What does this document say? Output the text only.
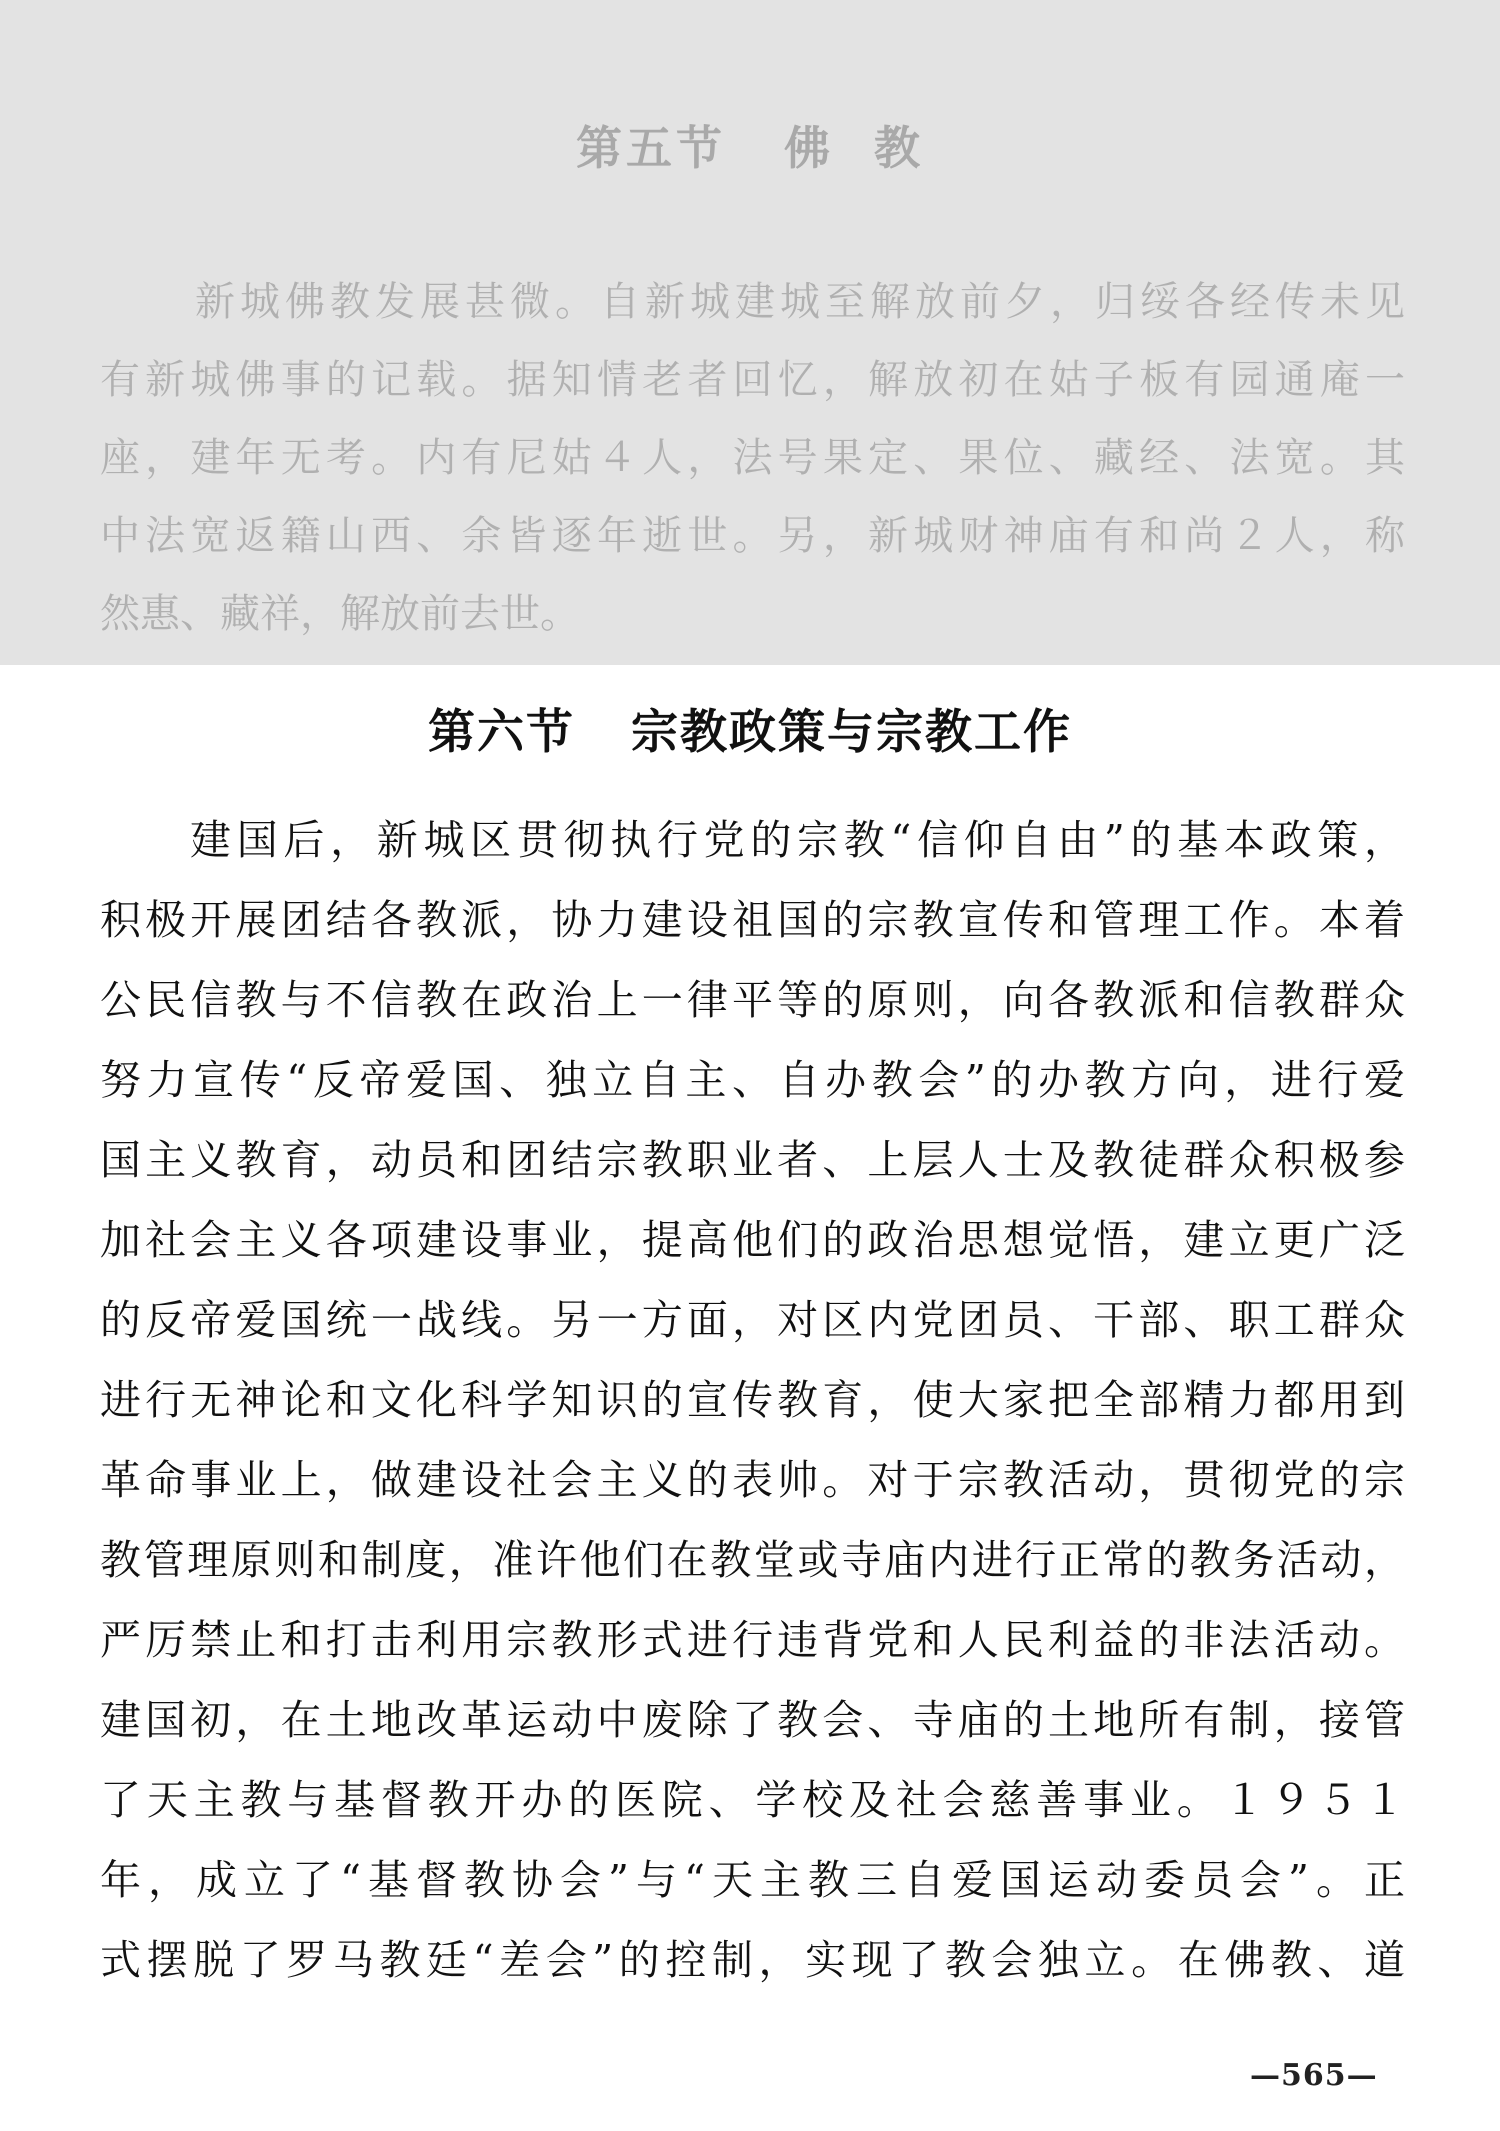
第五节 佛 教
新城佛教发展甚微。自新城建城至解放前夕，归绥各经传未见
有新城佛事的记载。据知情老者回忆，解放初在姑子板有园通庵一
座，建年无考。内有尼姑４人，法号果定、果位、藏经、法宽。其
中法宽返籍山西、余皆逐年逝世。另，新城财神庙有和尚２人，称
然惠、藏祥，解放前去世。
第六节 宗教政策与宗教工作
建国后，新城区贯彻执行党的宗教“信仰自由”的基本政策，
积极开展团结各教派，协力建设祖国的宗教宣传和管理工作。本着
公民信教与不信教在政治上一律平等的原则，向各教派和信教群众
努力宣传“反帝爱国、独立自主、自办教会”的办教方向，进行爱
国主义教育，动员和团结宗教职业者、上层人士及教徒群众积极参
加社会主义各项建设事业，提高他们的政治思想觉悟，建立更广泛
的反帝爱国统一战线。另一方面，对区内党团员、干部、职工群众
进行无神论和文化科学知识的宣传教育，使大家把全部精力都用到
革命事业上，做建设社会主义的表帅。对于宗教活动，贯彻党的宗
教管理原则和制度，准许他们在教堂或寺庙内进行正常的教务活动，
严厉禁止和打击利用宗教形式进行违背党和人民利益的非法活动。
建国初，在土地改革运动中废除了教会、寺庙的土地所有制，接管
了天主教与基督教开办的医院、学校及社会慈善事业。１９５１
年，成立了“基督教协会”与“天主教三自爱国运动委员会”。正
式摆脱了罗马教廷“差会”的控制，实现了教会独立。在佛教、道
—565—
